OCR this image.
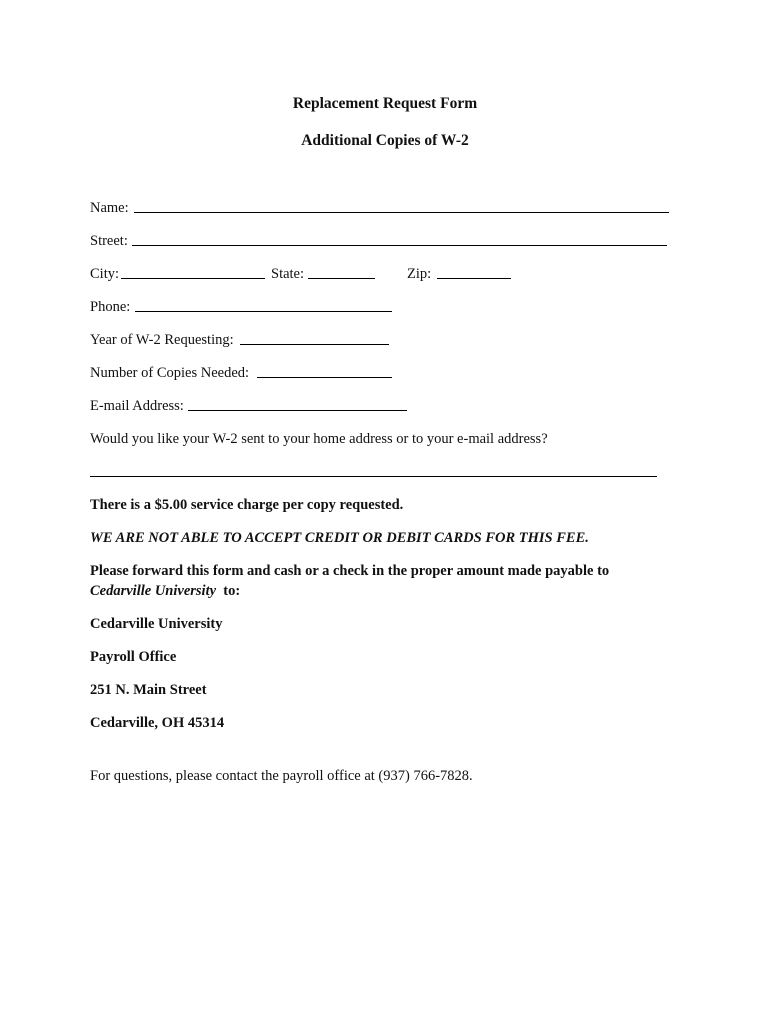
Replacement Request Form
Additional Copies of W-2
Name:
Street:
City:	State:	Zip:
Phone:
Year of W-2 Requesting:
Number of Copies Needed:
E-mail Address:
Would you like your W-2 sent to your home address or to your e-mail address?
There is a $5.00 service charge per copy requested.
WE ARE NOT ABLE TO ACCEPT CREDIT OR DEBIT CARDS FOR THIS FEE.
Please forward this form and cash or a check in the proper amount made payable to
Cedarville University to:
Cedarville University
Payroll Office
251 N. Main Street
Cedarville, OH 45314
For questions, please contact the payroll office at (937) 766-7828.
